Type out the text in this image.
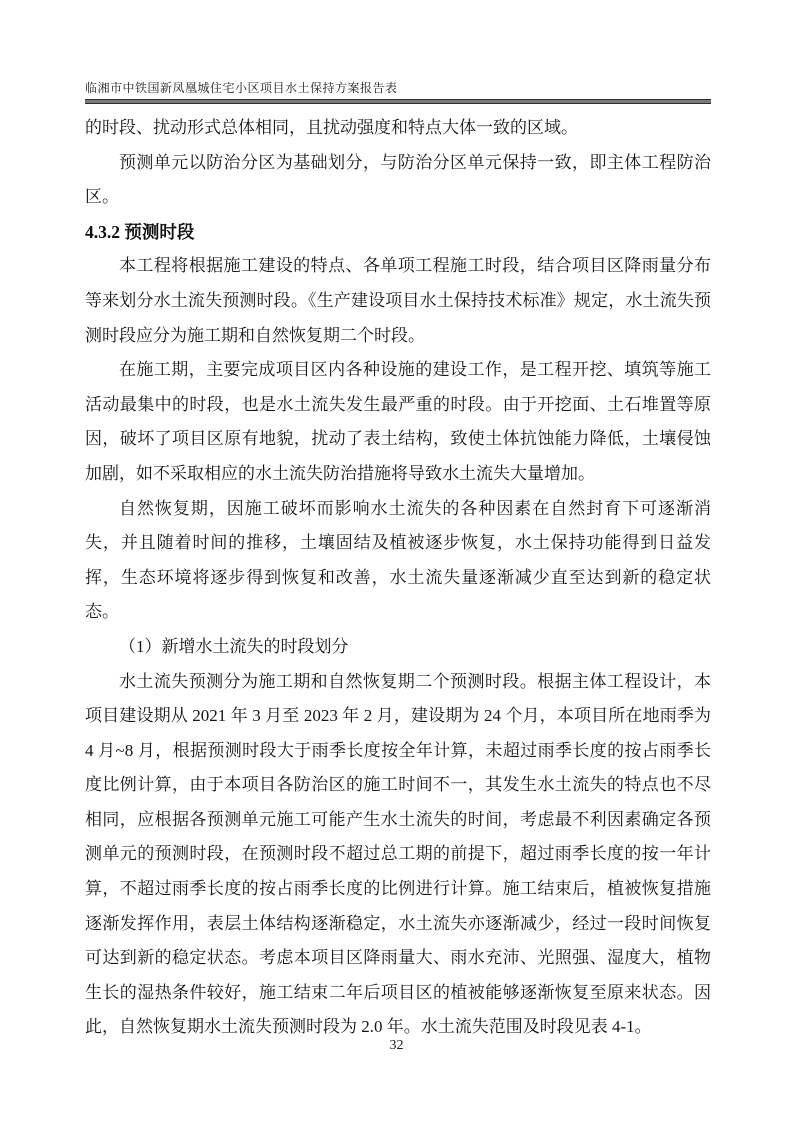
临湘市中铁国新凤凰城住宅小区项目水土保持方案报告表

的时段、扰动形式总体相同，且扰动强度和特点大体一致的区域。

预测单元以防治分区为基础划分，与防治分区单元保持一致，即主体工程防治区。

4.3.2 预测时段

本工程将根据施工建设的特点、各单项工程施工时段，结合项目区降雨量分布等来划分水土流失预测时段。《生产建设项目水土保持技术标准》规定，水土流失预测时段应分为施工期和自然恢复期二个时段。

在施工期，主要完成项目区内各种设施的建设工作，是工程开挖、填筑等施工活动最集中的时段，也是水土流失发生最严重的时段。由于开挖面、土石堆置等原因，破坏了项目区原有地貌，扰动了表土结构，致使土体抗蚀能力降低，土壤侵蚀加剧，如不采取相应的水土流失防治措施将导致水土流失大量增加。

自然恢复期，因施工破坏而影响水土流失的各种因素在自然封育下可逐渐消失，并且随着时间的推移，土壤固结及植被逐步恢复，水土保持功能得到日益发挥，生态环境将逐步得到恢复和改善，水土流失量逐渐减少直至达到新的稳定状态。

（1）新增水土流失的时段划分

水土流失预测分为施工期和自然恢复期二个预测时段。根据主体工程设计，本项目建设期从 2021 年 3 月至 2023 年 2 月，建设期为 24 个月，本项目所在地雨季为 4 月~8 月，根据预测时段大于雨季长度按全年计算，未超过雨季长度的按占雨季长度比例计算，由于本项目各防治区的施工时间不一，其发生水土流失的特点也不尽相同，应根据各预测单元施工可能产生水土流失的时间，考虑最不利因素确定各预测单元的预测时段，在预测时段不超过总工期的前提下，超过雨季长度的按一年计算，不超过雨季长度的按占雨季长度的比例进行计算。施工结束后，植被恢复措施逐渐发挥作用，表层土体结构逐渐稳定，水土流失亦逐渐减少，经过一段时间恢复可达到新的稳定状态。考虑本项目区降雨量大、雨水充沛、光照强、湿度大，植物生长的湿热条件较好，施工结束二年后项目区的植被能够逐渐恢复至原来状态。因此，自然恢复期水土流失预测时段为 2.0 年。水土流失范围及时段见表 4-1。

32
